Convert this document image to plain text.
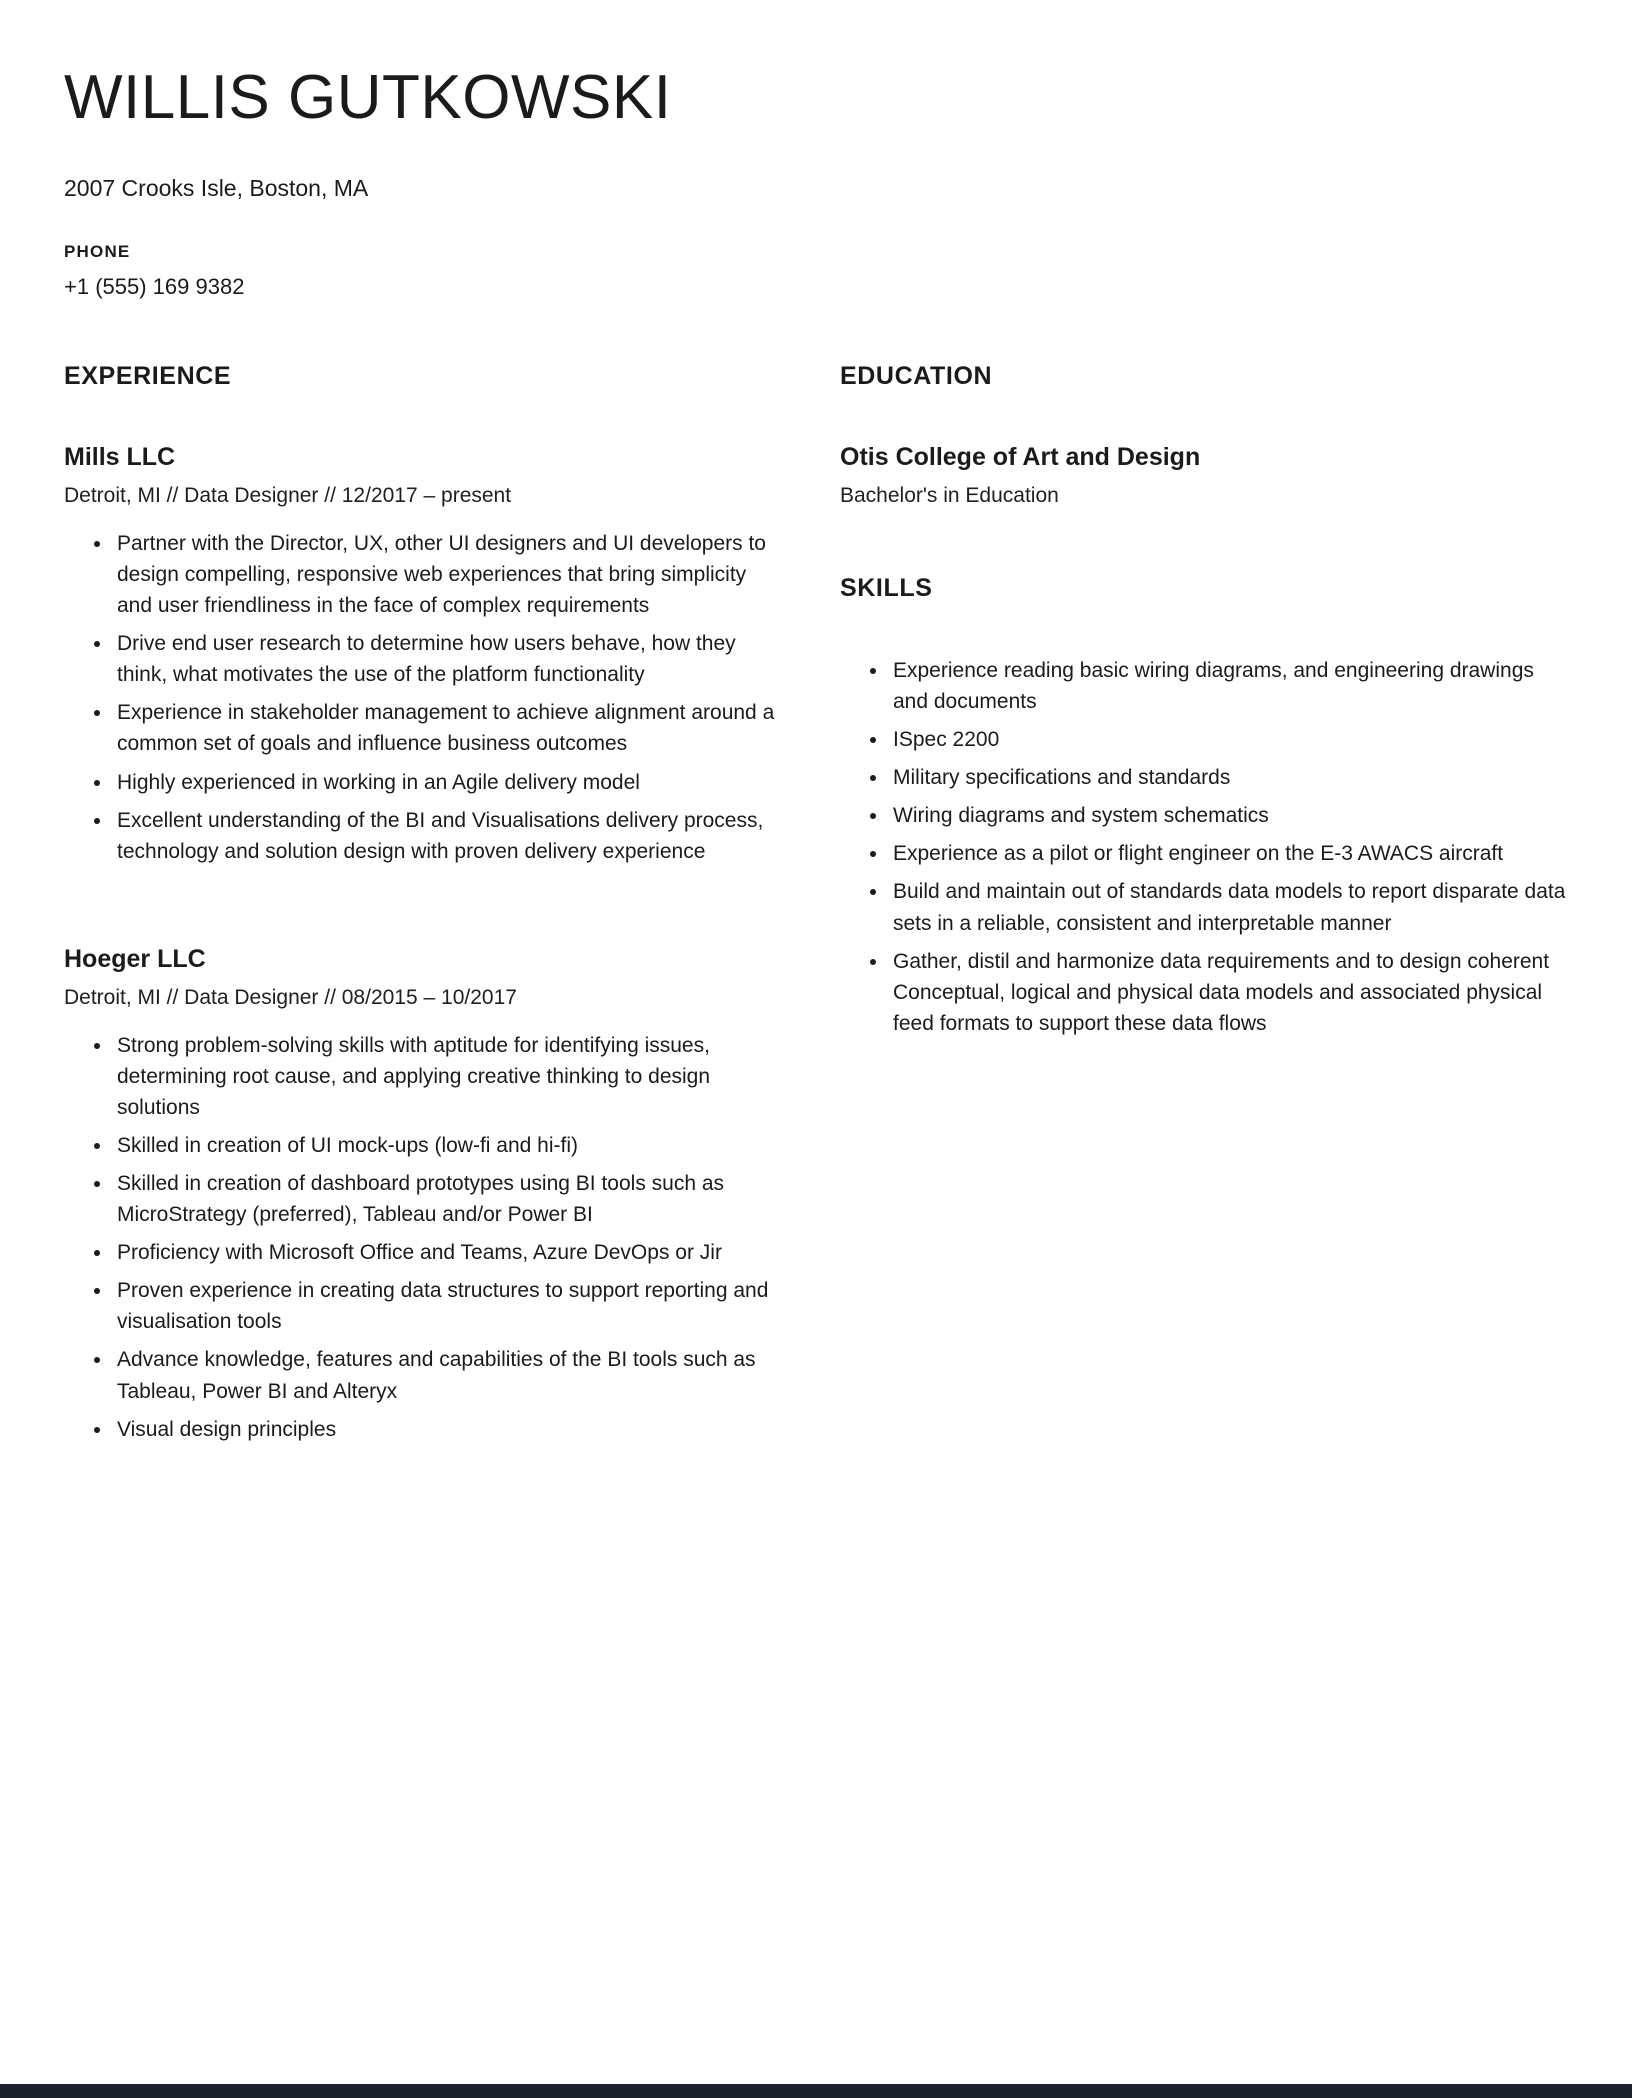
WILLIS GUTKOWSKI

2007 Crooks Isle, Boston, MA

PHONE

+1 (555) 169 9382

EXPERIENCE
Mills LLC

Detroit, MI // Data Designer // 12/2017 – present

• Partner with the Director, UX, other UI designers and UI developers to design compelling, responsive web experiences that bring simplicity and user friendliness in the face of complex requirements
• Drive end user research to determine how users behave, how they think, what motivates the use of the platform functionality
• Experience in stakeholder management to achieve alignment around a common set of goals and influence business outcomes
• Highly experienced in working in an Agile delivery model
• Excellent understanding of the BI and Visualisations delivery process, technology and solution design with proven delivery experience
Hoeger LLC

Detroit, MI // Data Designer // 08/2015 – 10/2017

• Strong problem-solving skills with aptitude for identifying issues, determining root cause, and applying creative thinking to design solutions
• Skilled in creation of UI mock-ups (low-fi and hi-fi)
• Skilled in creation of dashboard prototypes using BI tools such as MicroStrategy (preferred), Tableau and/or Power BI
• Proficiency with Microsoft Office and Teams, Azure DevOps or Jir
• Proven experience in creating data structures to support reporting and visualisation tools
• Advance knowledge, features and capabilities of the BI tools such as Tableau, Power BI and Alteryx
• Visual design principles
EDUCATION
Otis College of Art and Design

Bachelor's in Education

SKILLS
• Experience reading basic wiring diagrams, and engineering drawings and documents
• ISpec 2200
• Military specifications and standards
• Wiring diagrams and system schematics
• Experience as a pilot or flight engineer on the E-3 AWACS aircraft
• Build and maintain out of standards data models to report disparate data sets in a reliable, consistent and interpretable manner
• Gather, distil and harmonize data requirements and to design coherent Conceptual, logical and physical data models and associated physical feed formats to support these data flows
